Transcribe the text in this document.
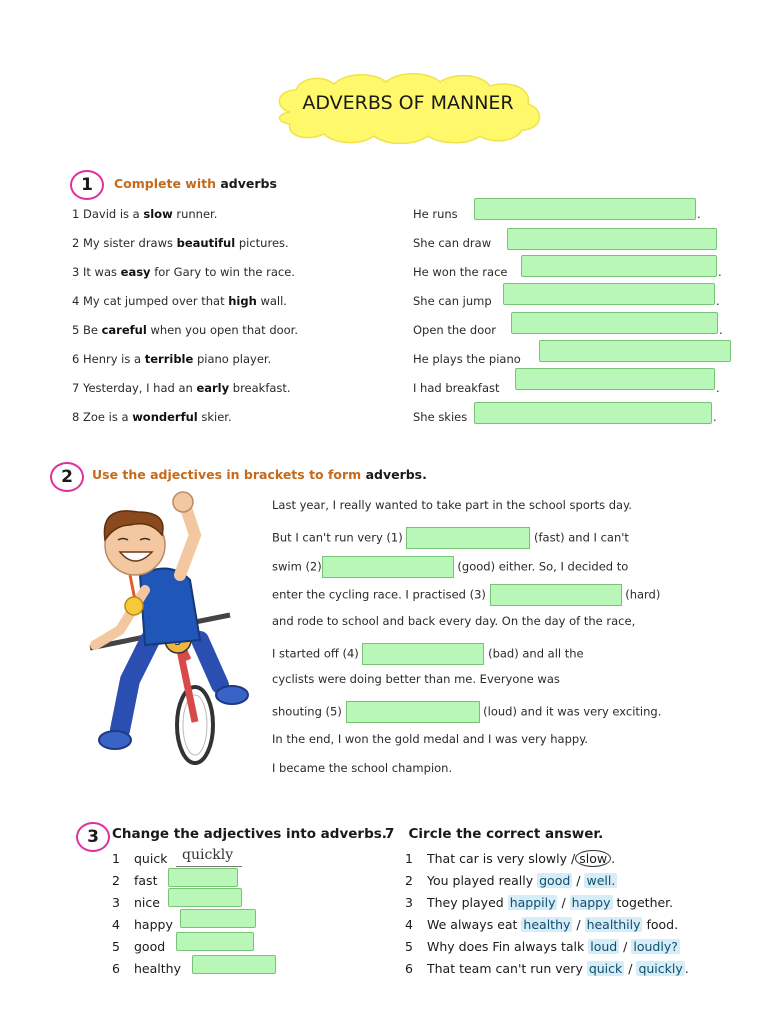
ADVERBS OF MANNER
1	Complete with adverbs
1 David is a slow runner.	He runs	.
2 My sister draws beautiful pictures.	She can draw
3 It was easy for Gary to win the race.	He won the race	.
4 My cat jumped over that high wall.	She can jump	.
5 Be careful when you open that door.	Open the door	.
6 Henry is a terrible piano player.	He plays the piano
7 Yesterday, I had an early breakfast.	I had breakfast	.
8 Zoe is a wonderful skier.	She skies	.
2	Use the adjectives in brackets to form adverbs.
Last year, I really wanted to take part in the school sports day.
But I can't run very (1)	(fast) and I can't
swim (2)	(good) either. So, I decided to
enter the cycling race. I practised (3)	(hard)
and rode to school and back every day. On the day of the race,
I started off (4)	(bad) and all the
cyclists were doing better than me. Everyone was
shouting (5)	(loud) and it was very exciting.
In the end, I won the gold medal and I was very happy.
I became the school champion.
3 Change the adjectives into adverbs.
1 quick quickly
2 fast
3 nice
4 happy
5 good
6 healthy
7 Circle the correct answer.
1 That car is very slowly / slow .
2 You played really good / well.
3 They played happily / happy together.
4 We always eat healthy / healthily food.
5 Why does Fin always talk loud / loudly?
6 That team can't run very quick / quickly .
